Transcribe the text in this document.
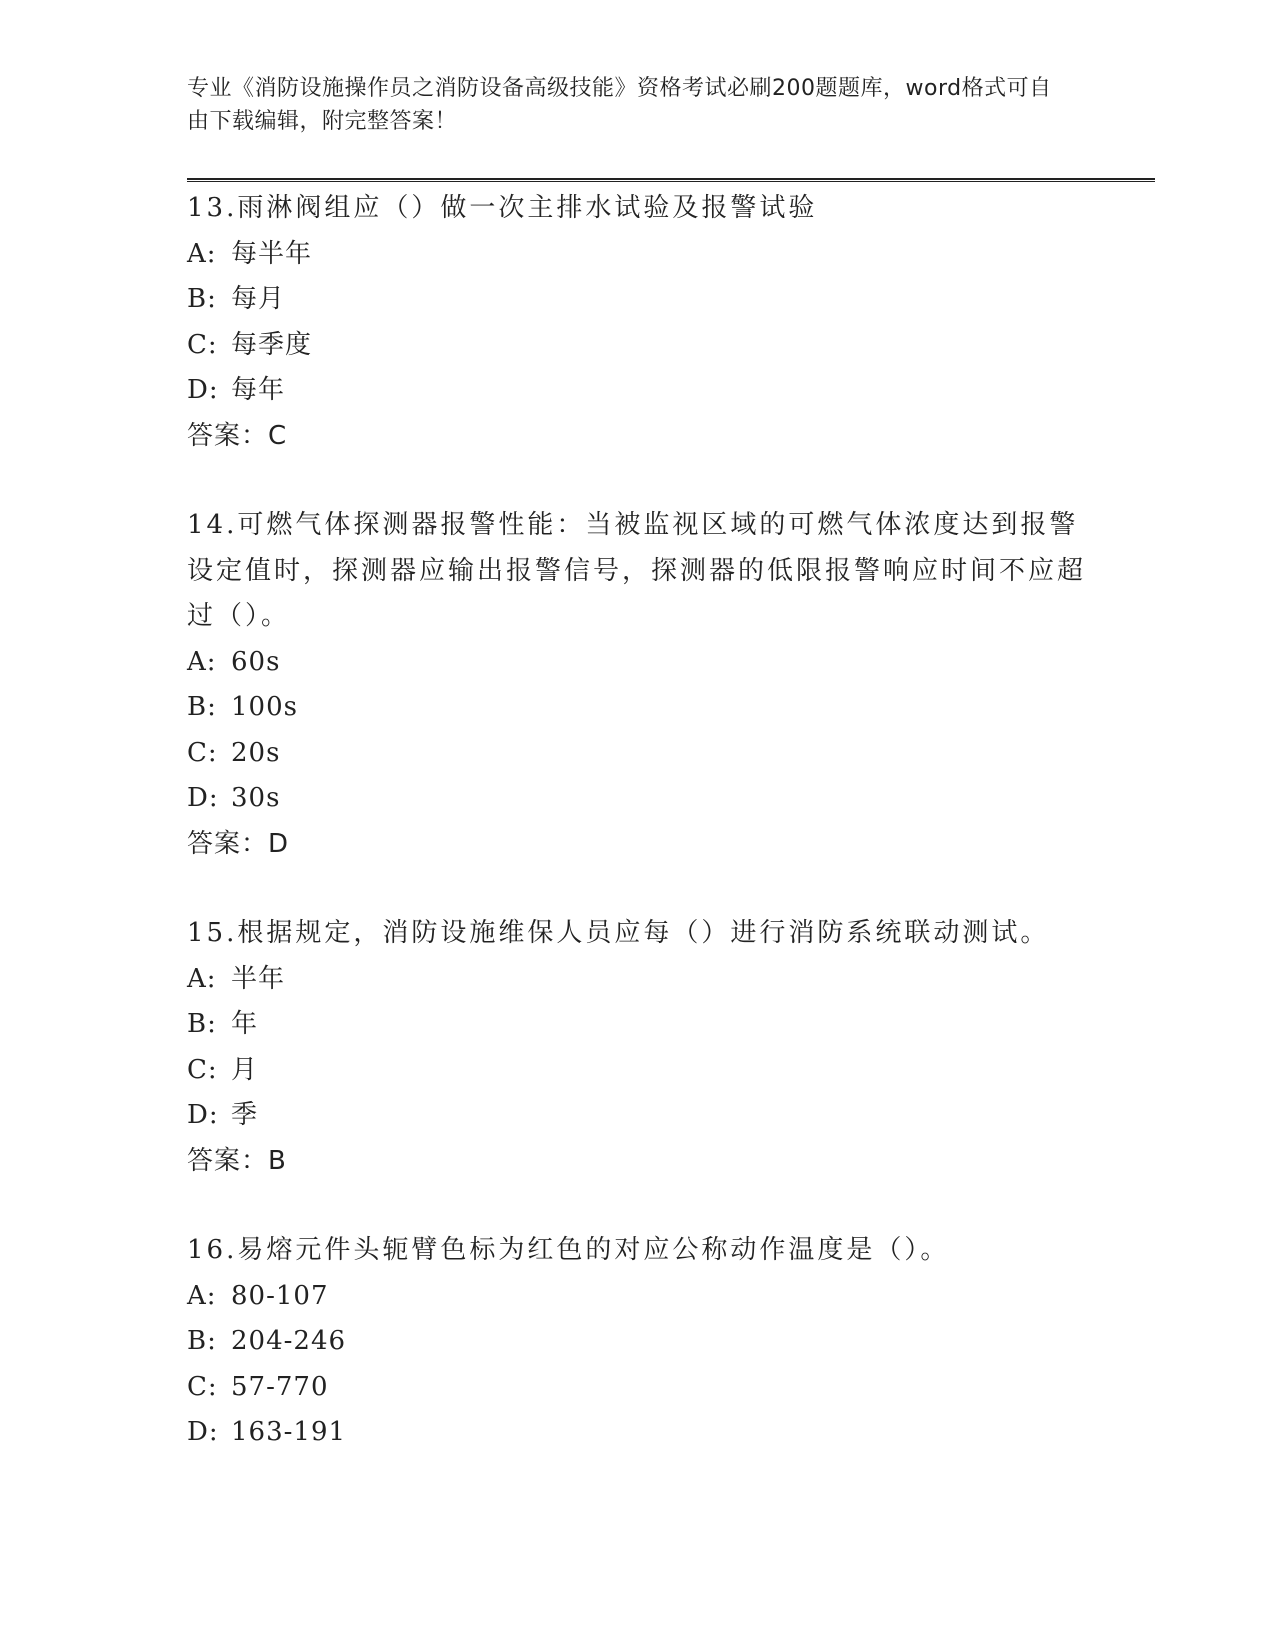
专业《消防设施操作员之消防设备高级技能》资格考试必刷200题题库，word格式可自由下载编辑，附完整答案！
13.雨淋阀组应（）做一次主排水试验及报警试验
A: 每半年
B: 每月
C: 每季度
D: 每年
答案：C
14.可燃气体探测器报警性能：当被监视区域的可燃气体浓度达到报警设定值时，探测器应输出报警信号，探测器的低限报警响应时间不应超过（）。
A: 60s
B: 100s
C: 20s
D: 30s
答案：D
15.根据规定，消防设施维保人员应每（）进行消防系统联动测试。
A: 半年
B: 年
C: 月
D: 季
答案：B
16.易熔元件头轭臂色标为红色的对应公称动作温度是（）。
A: 80-107
B: 204-246
C: 57-770
D: 163-191
